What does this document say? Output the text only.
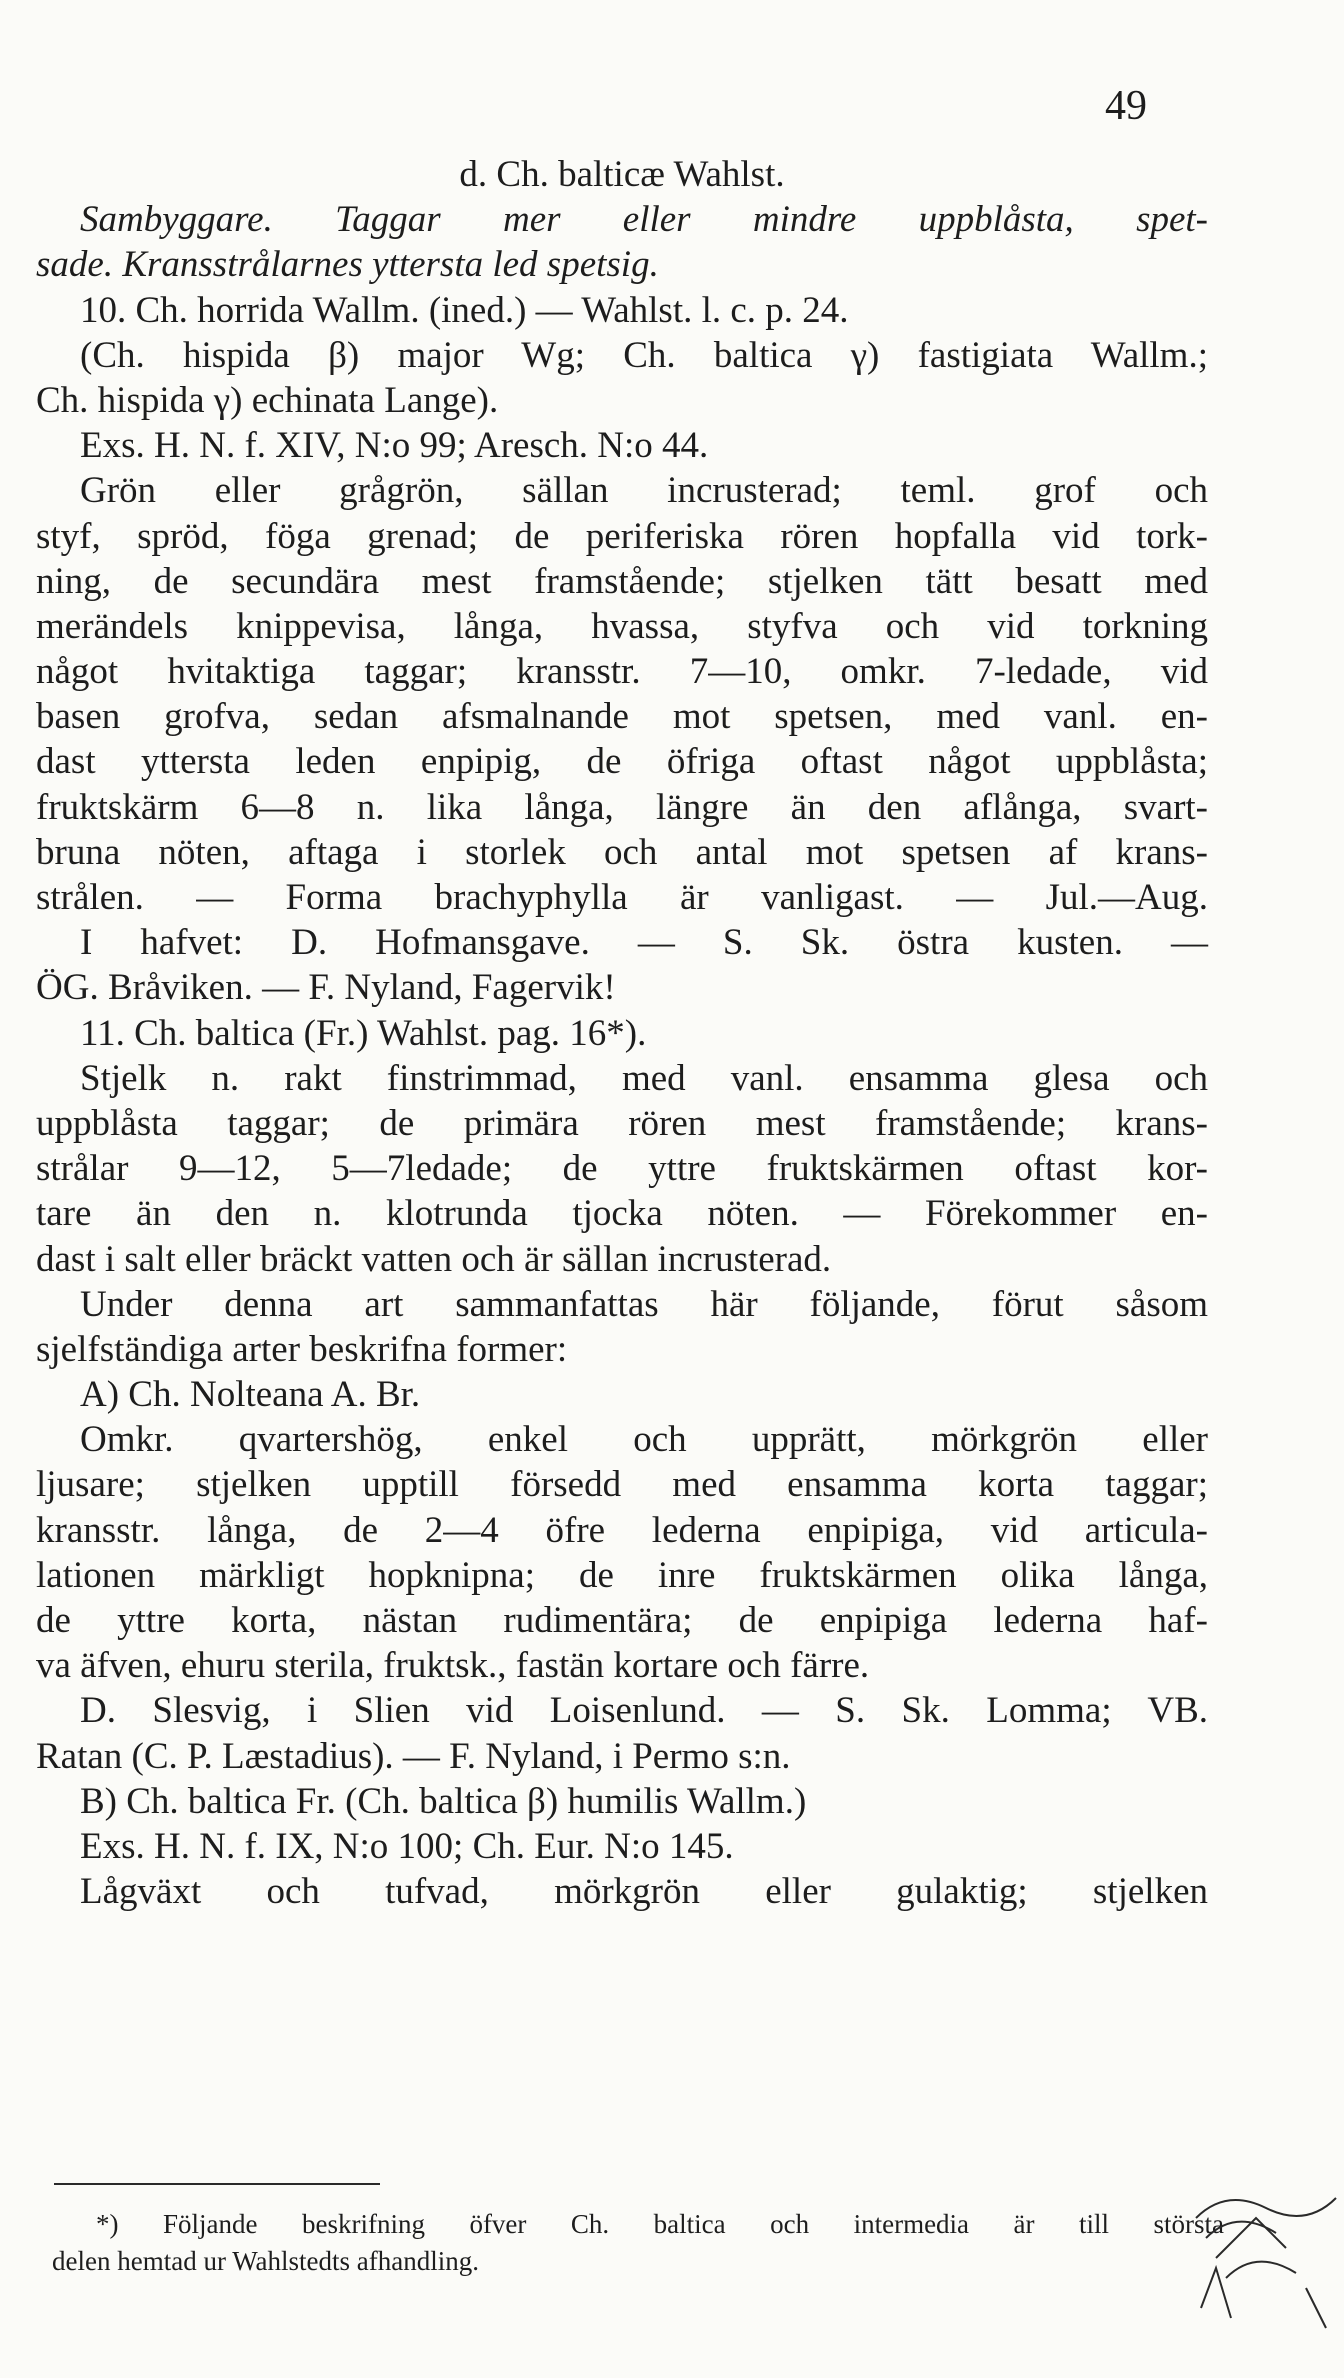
49
d. Ch. balticæ Wahlst.
Sambyggare. Taggar mer eller mindre uppblåsta, spet-
sade. Kransstrålarnes yttersta led spetsig.
10. Ch. horrida Wallm. (ined.) — Wahlst. l. c. p. 24.
(Ch. hispida β) major Wg; Ch. baltica γ) fastigiata Wallm.;
Ch. hispida γ) echinata Lange).
Exs. H. N. f. XIV, N:o 99; Aresch. N:o 44.
Grön eller grågrön, sällan incrusterad; teml. grof och
styf, spröd, föga grenad; de periferiska rören hopfalla vid tork-
ning, de secundära mest framstående; stjelken tätt besatt med
merändels knippevisa, långa, hvassa, styfva och vid torkning
något hvitaktiga taggar; kransstr. 7—10, omkr. 7-ledade, vid
basen grofva, sedan afsmalnande mot spetsen, med vanl. en-
dast yttersta leden enpipig, de öfriga oftast något uppblåsta;
fruktskärm 6—8 n. lika långa, längre än den aflånga, svart-
bruna nöten, aftaga i storlek och antal mot spetsen af krans-
strålen. — Forma brachyphylla är vanligast. — Jul.—Aug.
I hafvet: D. Hofmansgave. — S. Sk. östra kusten. —
ÖG. Bråviken. — F. Nyland, Fagervik!
11. Ch. baltica (Fr.) Wahlst. pag. 16*).
Stjelk n. rakt finstrimmad, med vanl. ensamma glesa och
uppblåsta taggar; de primära rören mest framstående; krans-
strålar 9—12, 5—7ledade; de yttre fruktskärmen oftast kor-
tare än den n. klotrunda tjocka nöten. — Förekommer en-
dast i salt eller bräckt vatten och är sällan incrusterad.
Under denna art sammanfattas här följande, förut såsom
sjelfständiga arter beskrifna former:
A) Ch. Nolteana A. Br.
Omkr. qvartershög, enkel och upprätt, mörkgrön eller
ljusare; stjelken upptill försedd med ensamma korta taggar;
kransstr. långa, de 2—4 öfre lederna enpipiga, vid articula-
lationen märkligt hopknipna; de inre fruktskärmen olika långa,
de yttre korta, nästan rudimentära; de enpipiga lederna haf-
va äfven, ehuru sterila, fruktsk., fastän kortare och färre.
D. Slesvig, i Slien vid Loisenlund. — S. Sk. Lomma; VB.
Ratan (C. P. Læstadius). — F. Nyland, i Permo s:n.
B) Ch. baltica Fr. (Ch. baltica β) humilis Wallm.)
Exs. H. N. f. IX, N:o 100; Ch. Eur. N:o 145.
Lågväxt och tufvad, mörkgrön eller gulaktig; stjelken
*) Följande beskrifning öfver Ch. baltica och intermedia är till största
delen hemtad ur Wahlstedts afhandling.
